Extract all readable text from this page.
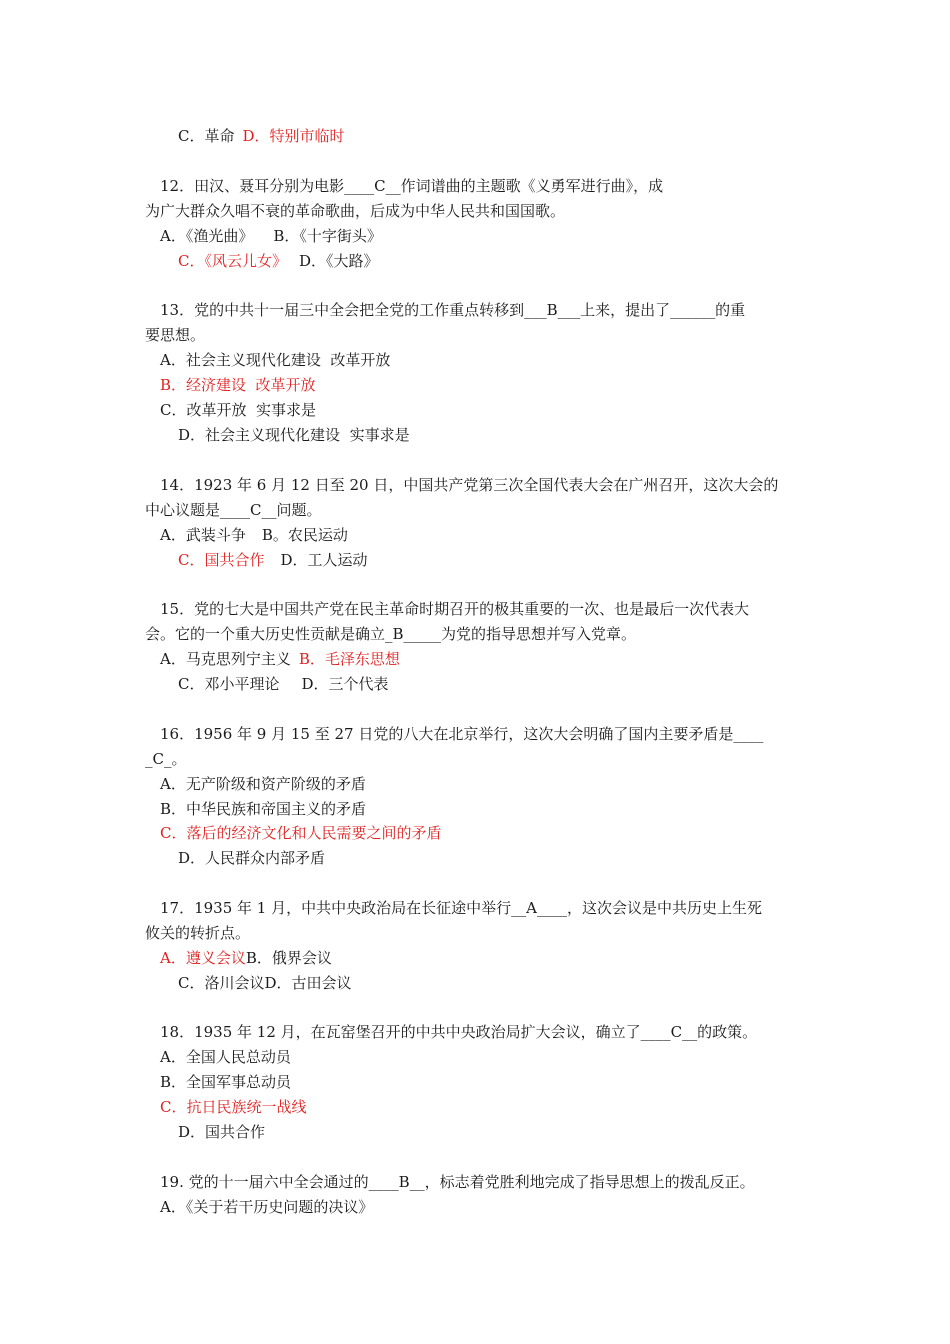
C．革命 D．特别市临时
12．田汉、聂耳分别为电影____C__作词谱曲的主题歌《义勇军进行曲》，成
为广大群众久唱不衰的革命歌曲，后成为中华人民共和国国歌。
A．《渔光曲》 B．《十字街头》
C．《风云儿女》 D．《大路》
13．党的中共十一届三中全会把全党的工作重点转移到___B___上来，提出了______的重
要思想。
A．社会主义现代化建设  改革开放
B．经济建设  改革开放
C．改革开放  实事求是
D．社会主义现代化建设  实事求是
14．1923 年 6 月 12 日至 20 日，中国共产党第三次全国代表大会在广州召开，这次大会的
中心议题是____C__问题。
A．武装斗争 B。农民运动
C．国共合作 D．工人运动
15．党的七大是中国共产党在民主革命时期召开的极其重要的一次、也是最后一次代表大
会。它的一个重大历史性贡献是确立_B_____为党的指导思想并写入党章。
A．马克思列宁主义 B．毛泽东思想
C．邓小平理论 D．三个代表
16．1956 年 9 月 15 至 27 日党的八大在北京举行，这次大会明确了国内主要矛盾是____
_C_。
A．无产阶级和资产阶级的矛盾
B．中华民族和帝国主义的矛盾
C．落后的经济文化和人民需要之间的矛盾
D．人民群众内部矛盾
17．1935 年 1 月，中共中央政治局在长征途中举行__A____，这次会议是中共历史上生死
攸关的转折点。
A．遵义会议B．俄界会议
C．洛川会议D．古田会议
18．1935 年 12 月，在瓦窑堡召开的中共中央政治局扩大会议，确立了____C__的政策。
A．全国人民总动员
B．全国军事总动员
C．抗日民族统一战线
D．国共合作
19. 党的十一届六中全会通过的____B__，标志着党胜利地完成了指导思想上的拨乱反正。
A．《关于若干历史问题的决议》
